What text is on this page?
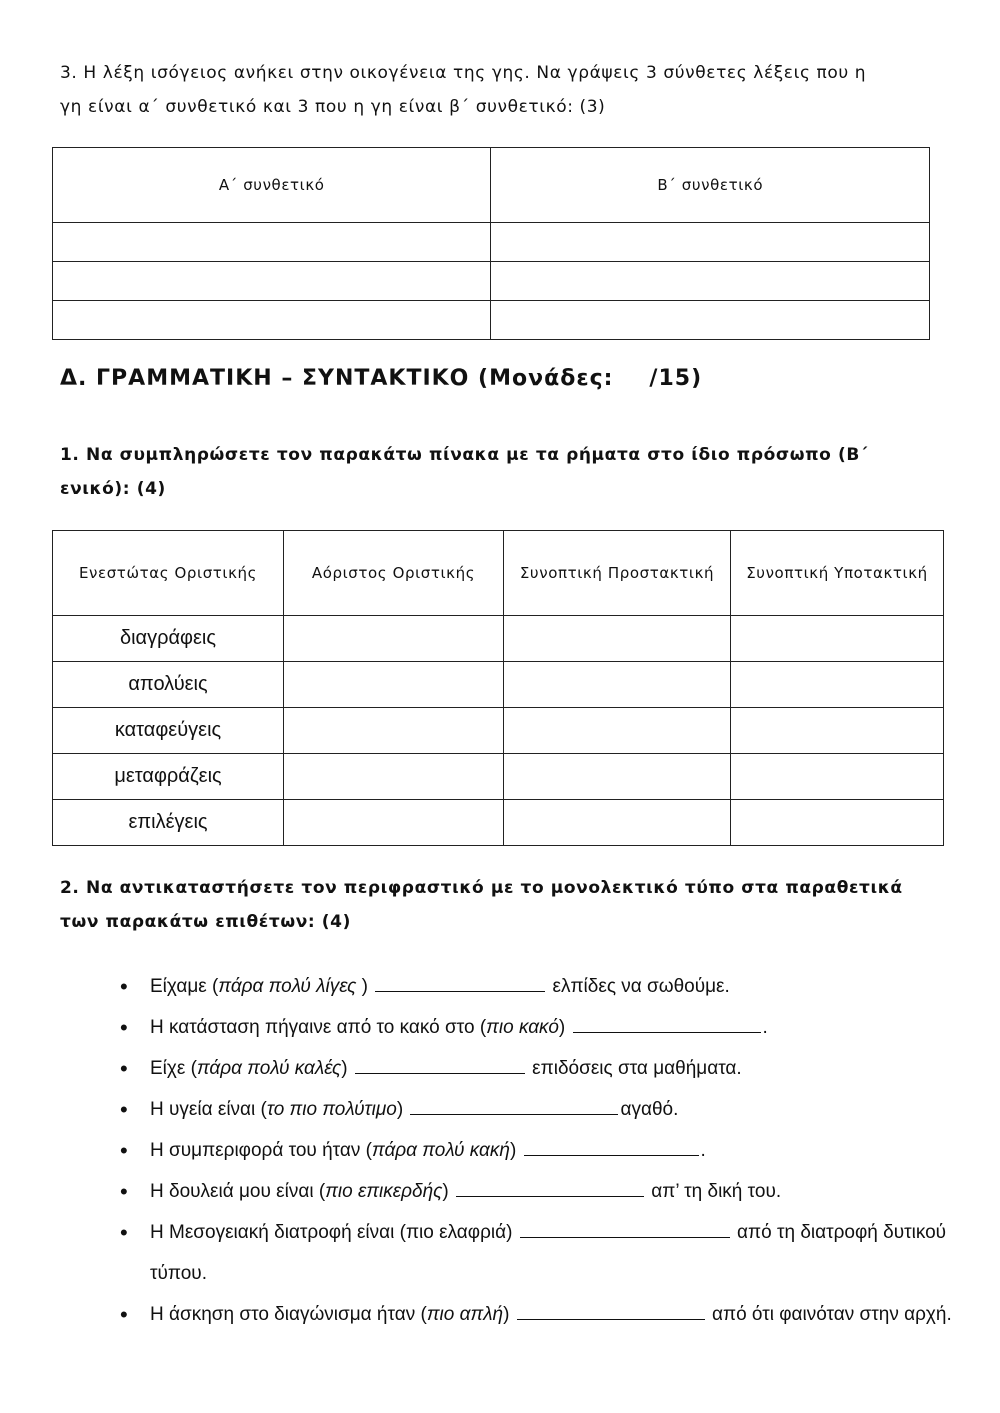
3. Η λέξη ισόγειος ανήκει στην οικογένεια της γης. Να γράψεις 3 σύνθετες λέξεις που η
γη είναι α΄ συνθετικό και 3 που η γη είναι β΄ συνθετικό: (3)
Α΄ συνθετικό	Β΄ συνθετικό

Δ. ΓΡΑΜΜΑΤΙΚΗ – ΣΥΝΤΑΚΤΙΚΟ (Μονάδες: /15)
1. Να συμπληρώσετε τον παρακάτω πίνακα με τα ρήματα στο ίδιο πρόσωπο (Β΄
ενικό): (4)
Ενεστώτας Οριστικής	Αόριστος Οριστικής	Συνοπτική Προστακτική	Συνοπτική Υποτακτική
διαγράφεις			
απολύεις			
καταφεύγεις			
μεταφράζεις			
επιλέγεις			
2. Να αντικαταστήσετε τον περιφραστικό με το μονολεκτικό τύπο στα παραθετικά
των παρακάτω επιθέτων: (4)
• Είχαμε (πάρα πολύ λίγες )	ελπίδες να σωθούμε.
• Η κατάσταση πήγαινε από το κακό στο (πιο κακό)	.
• Είχε (πάρα πολύ καλές)	επιδόσεις στα μαθήματα.
• Η υγεία είναι (το πιο πολύτιμο)	αγαθό.
• Η συμπεριφορά του ήταν (πάρα πολύ κακή)	.
• Η δουλειά μου είναι (πιο επικερδής)	απ’ τη δική του.
• Η Μεσογειακή διατροφή είναι (πιο ελαφριά)	από τη διατροφή δυτικού τύπου.
• Η άσκηση στο διαγώνισμα ήταν (πιο απλή)	από ότι φαινόταν στην αρχή.
